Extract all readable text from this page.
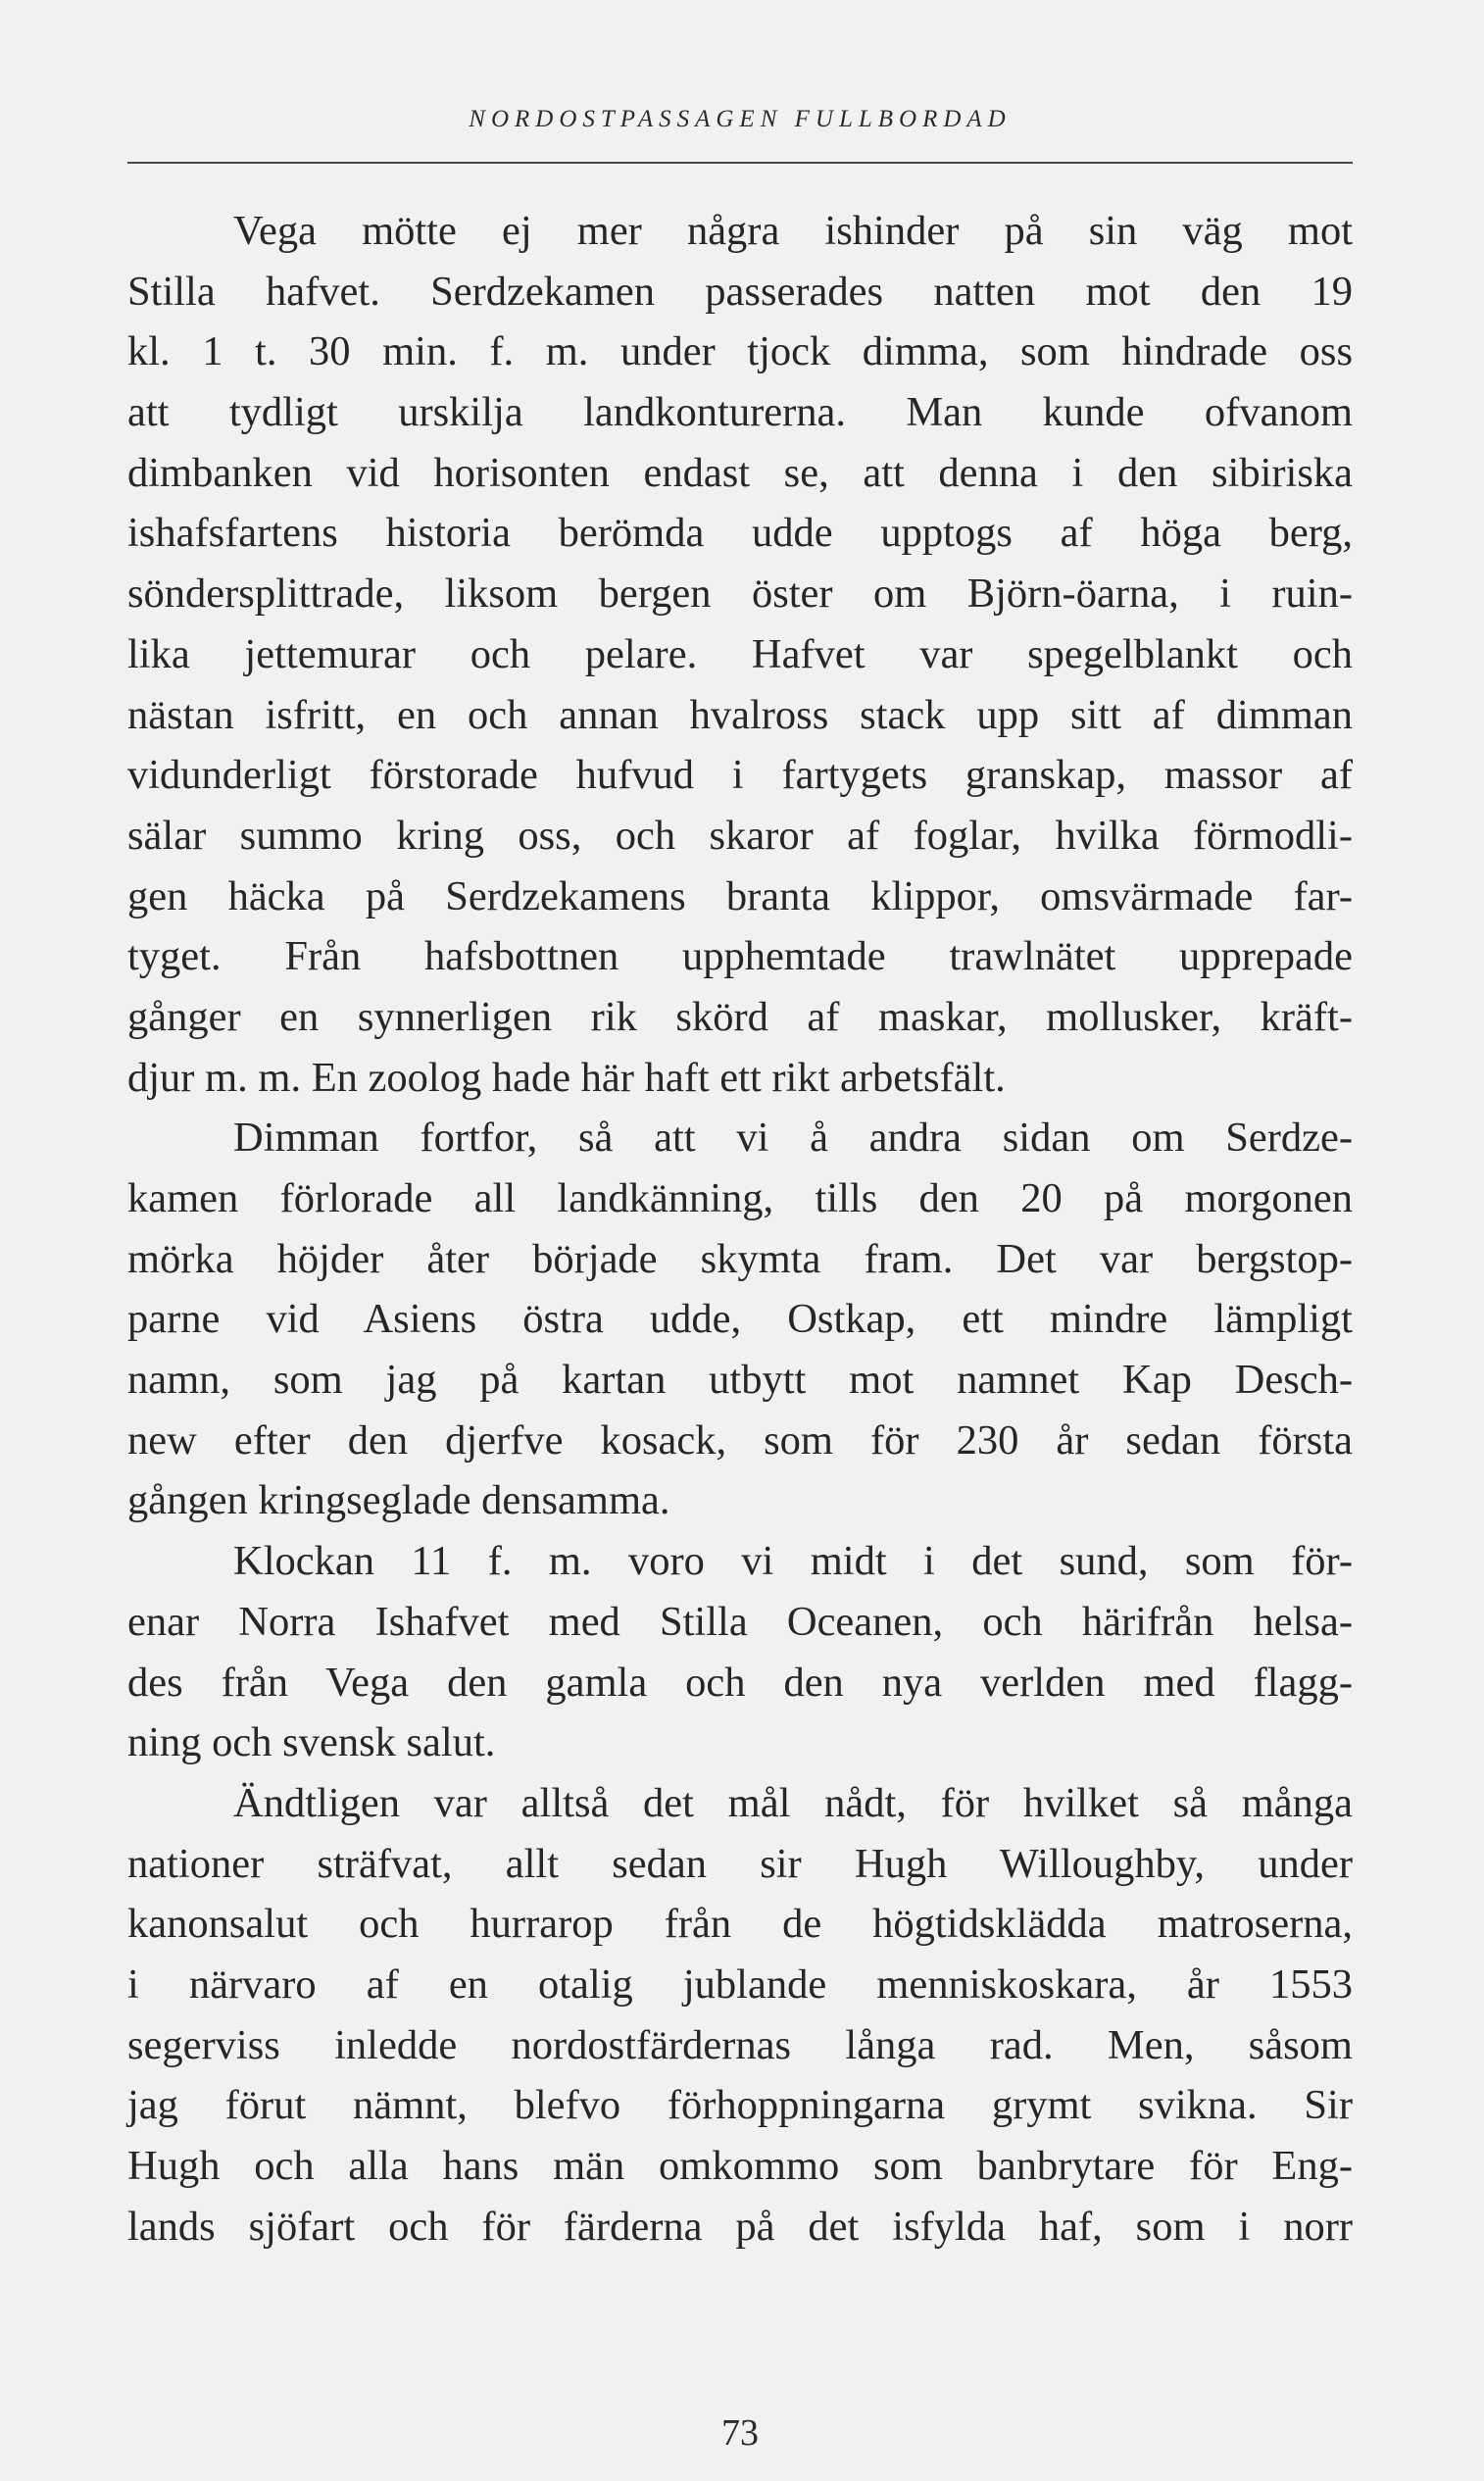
NORDOSTPASSAGEN FULLBORDAD
Vega mötte ej mer några ishinder på sin väg mot
Stilla hafvet. Serdzekamen passerades natten mot den 19
kl. 1 t. 30 min. f. m. under tjock dimma, som hindrade oss
att tydligt urskilja landkonturerna. Man kunde ofvanom
dimbanken vid horisonten endast se, att denna i den sibiriska
ishafsfartens historia berömda udde upptogs af höga berg,
söndersplittrade, liksom bergen öster om Björn-öarna, i ruin-
lika jettemurar och pelare. Hafvet var spegelblankt och
nästan isfritt, en och annan hvalross stack upp sitt af dimman
vidunderligt förstorade hufvud i fartygets granskap, massor af
sälar summo kring oss, och skaror af foglar, hvilka förmodli-
gen häcka på Serdzekamens branta klippor, omsvärmade far-
tyget. Från hafsbottnen upphemtade trawlnätet upprepade
gånger en synnerligen rik skörd af maskar, mollusker, kräft-
djur m. m. En zoolog hade här haft ett rikt arbetsfält.
Dimman fortfor, så att vi å andra sidan om Serdze-
kamen förlorade all landkänning, tills den 20 på morgonen
mörka höjder åter började skymta fram. Det var bergstop-
parne vid Asiens östra udde, Ostkap, ett mindre lämpligt
namn, som jag på kartan utbytt mot namnet Kap Desch-
new efter den djerfve kosack, som för 230 år sedan första
gången kringseglade densamma.
Klockan 11 f. m. voro vi midt i det sund, som för-
enar Norra Ishafvet med Stilla Oceanen, och härifrån helsa-
des från Vega den gamla och den nya verlden med flagg-
ning och svensk salut.
Ändtligen var alltså det mål nådt, för hvilket så många
nationer sträfvat, allt sedan sir Hugh Willoughby, under
kanonsalut och hurrarop från de högtidsklädda matroserna,
i närvaro af en otalig jublande menniskoskara, år 1553
segerviss inledde nordostfärdernas långa rad. Men, såsom
jag förut nämnt, blefvo förhoppningarna grymt svikna. Sir
Hugh och alla hans män omkommo som banbrytare för Eng-
lands sjöfart och för färderna på det isfylda haf, som i norr
73
